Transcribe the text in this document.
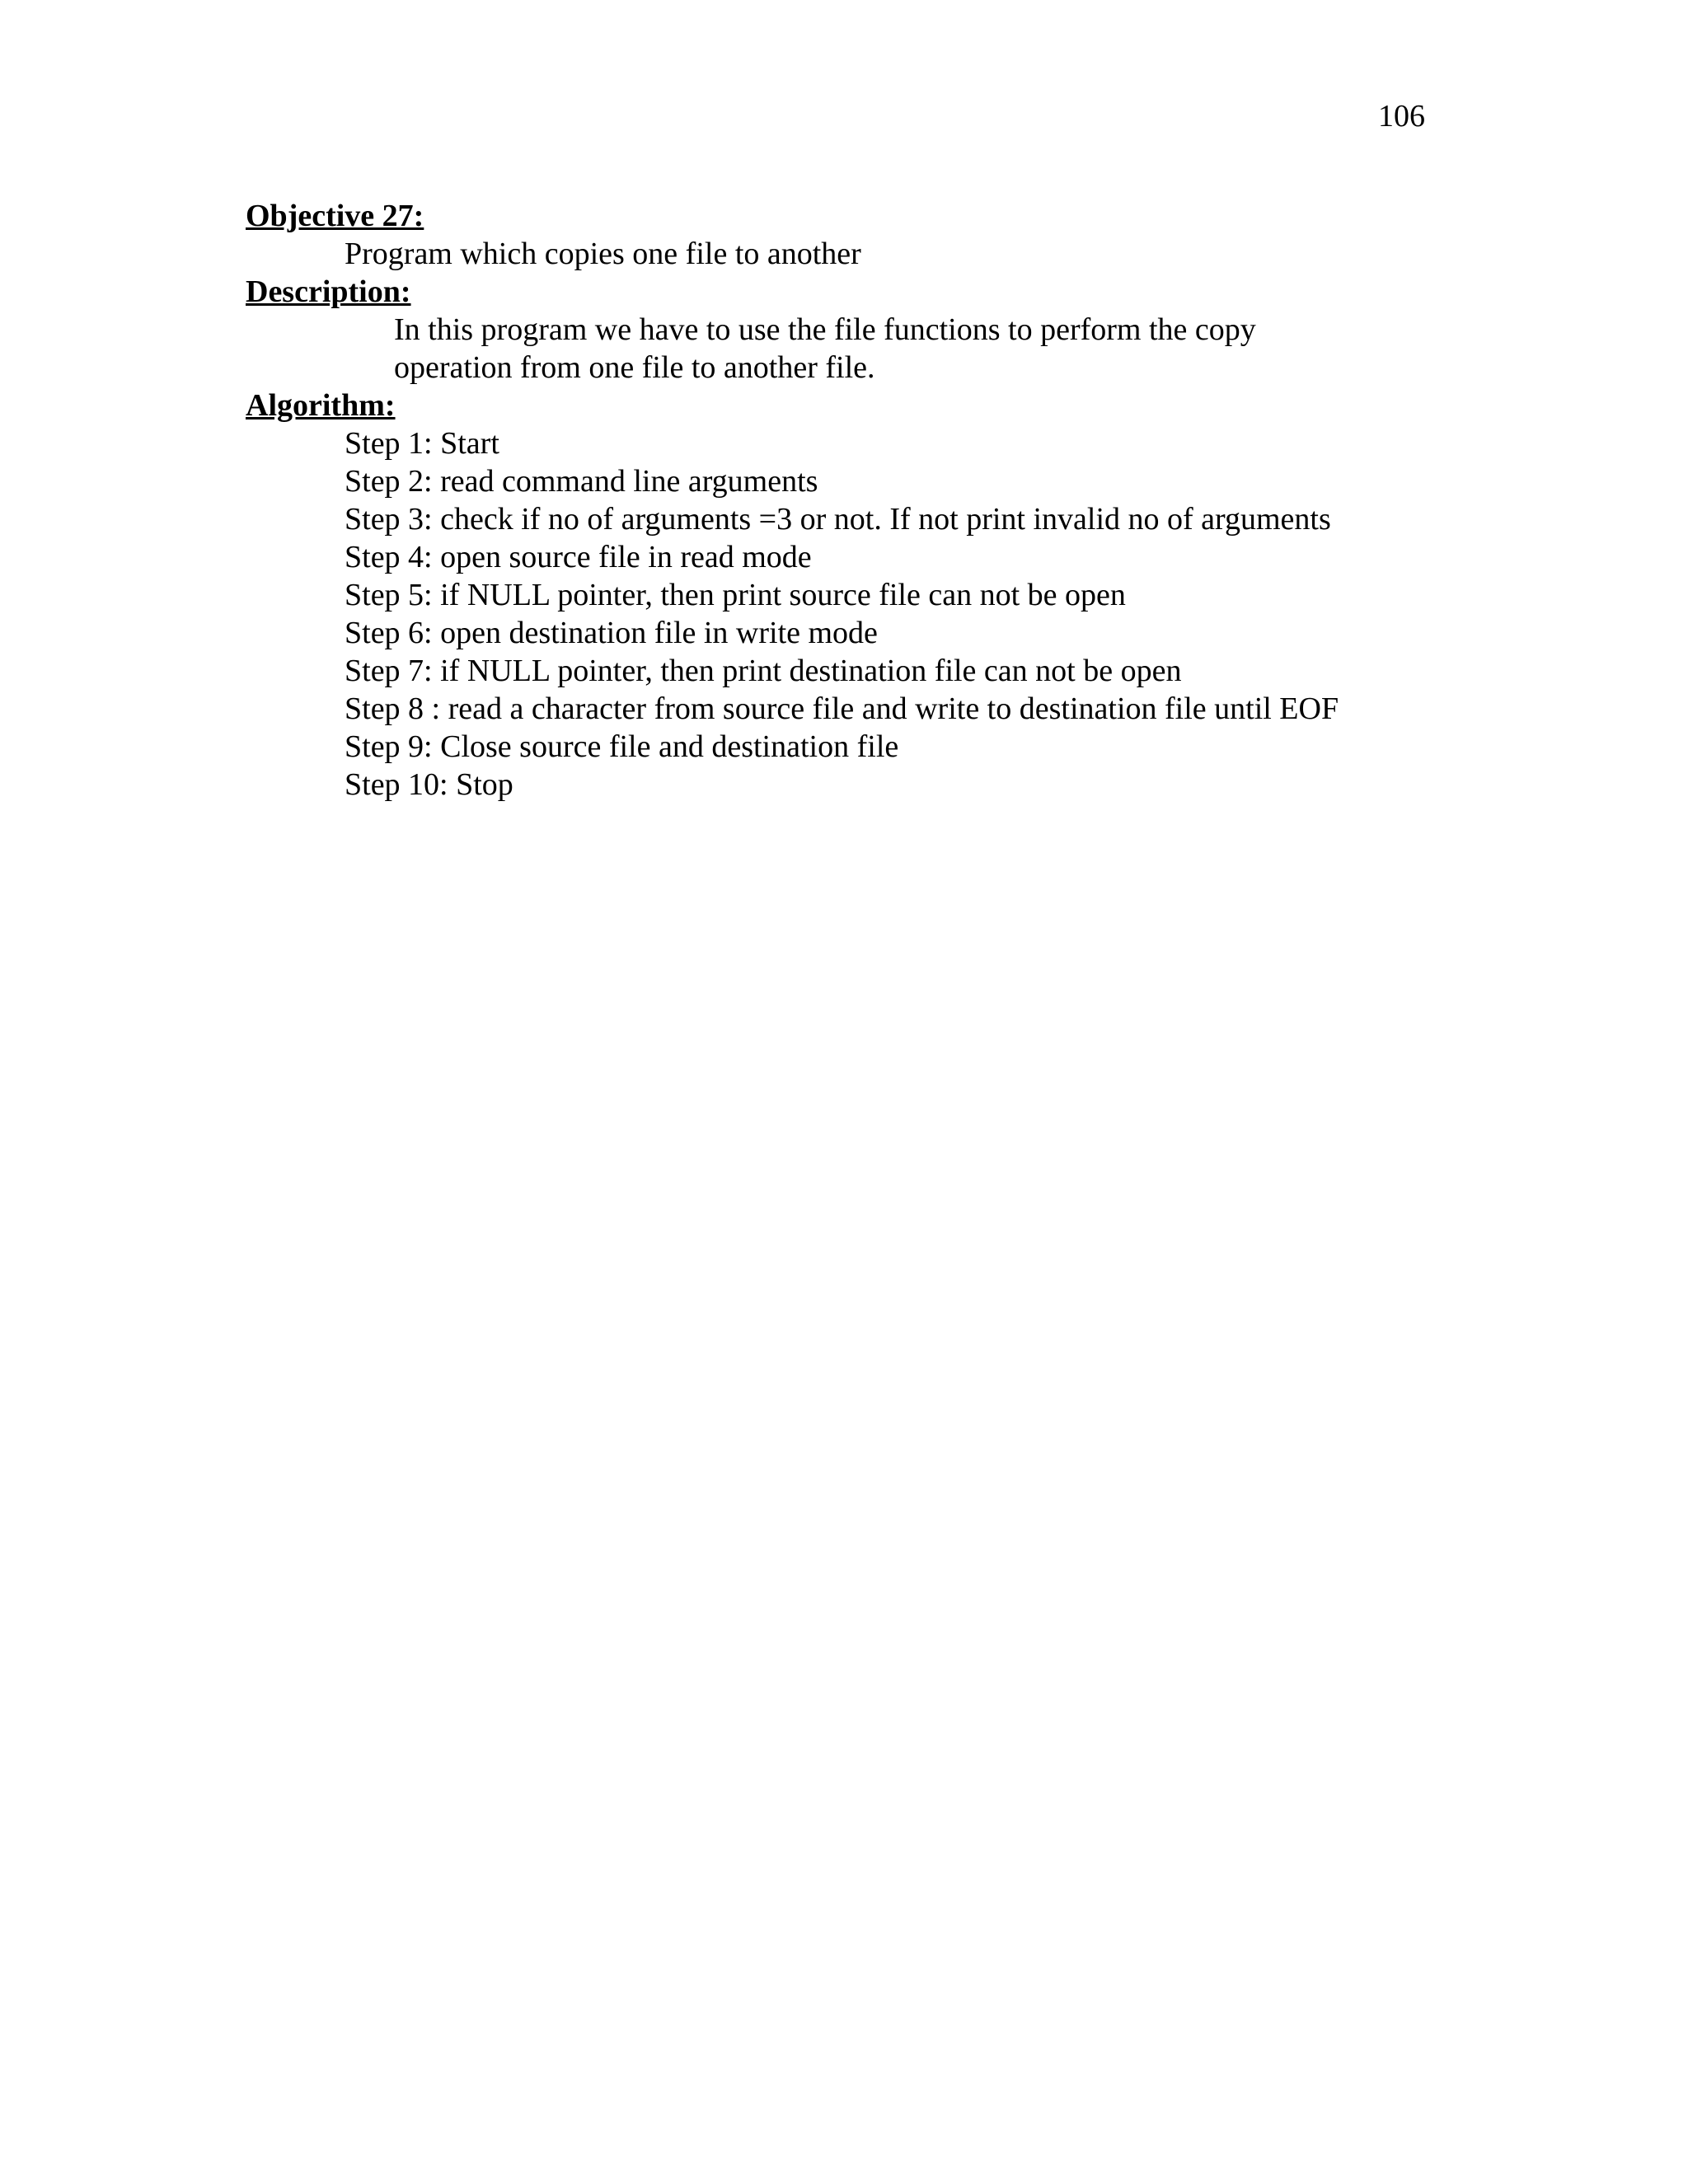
106
Objective 27:
Program which copies one file to another
Description:
In this program we have to use the file functions to perform the copy
operation from one file to another file.
Algorithm:
Step 1: Start
Step 2: read command line arguments
Step 3: check if no of arguments =3 or not. If not print invalid no of arguments
Step 4: open source file in read mode
Step 5: if NULL pointer, then print source file can not be open
Step 6: open destination file in write mode
Step 7: if NULL pointer, then print destination file can not be open
Step 8 : read a character from source file and write to destination file until EOF
Step 9: Close source file and destination file
Step 10: Stop
